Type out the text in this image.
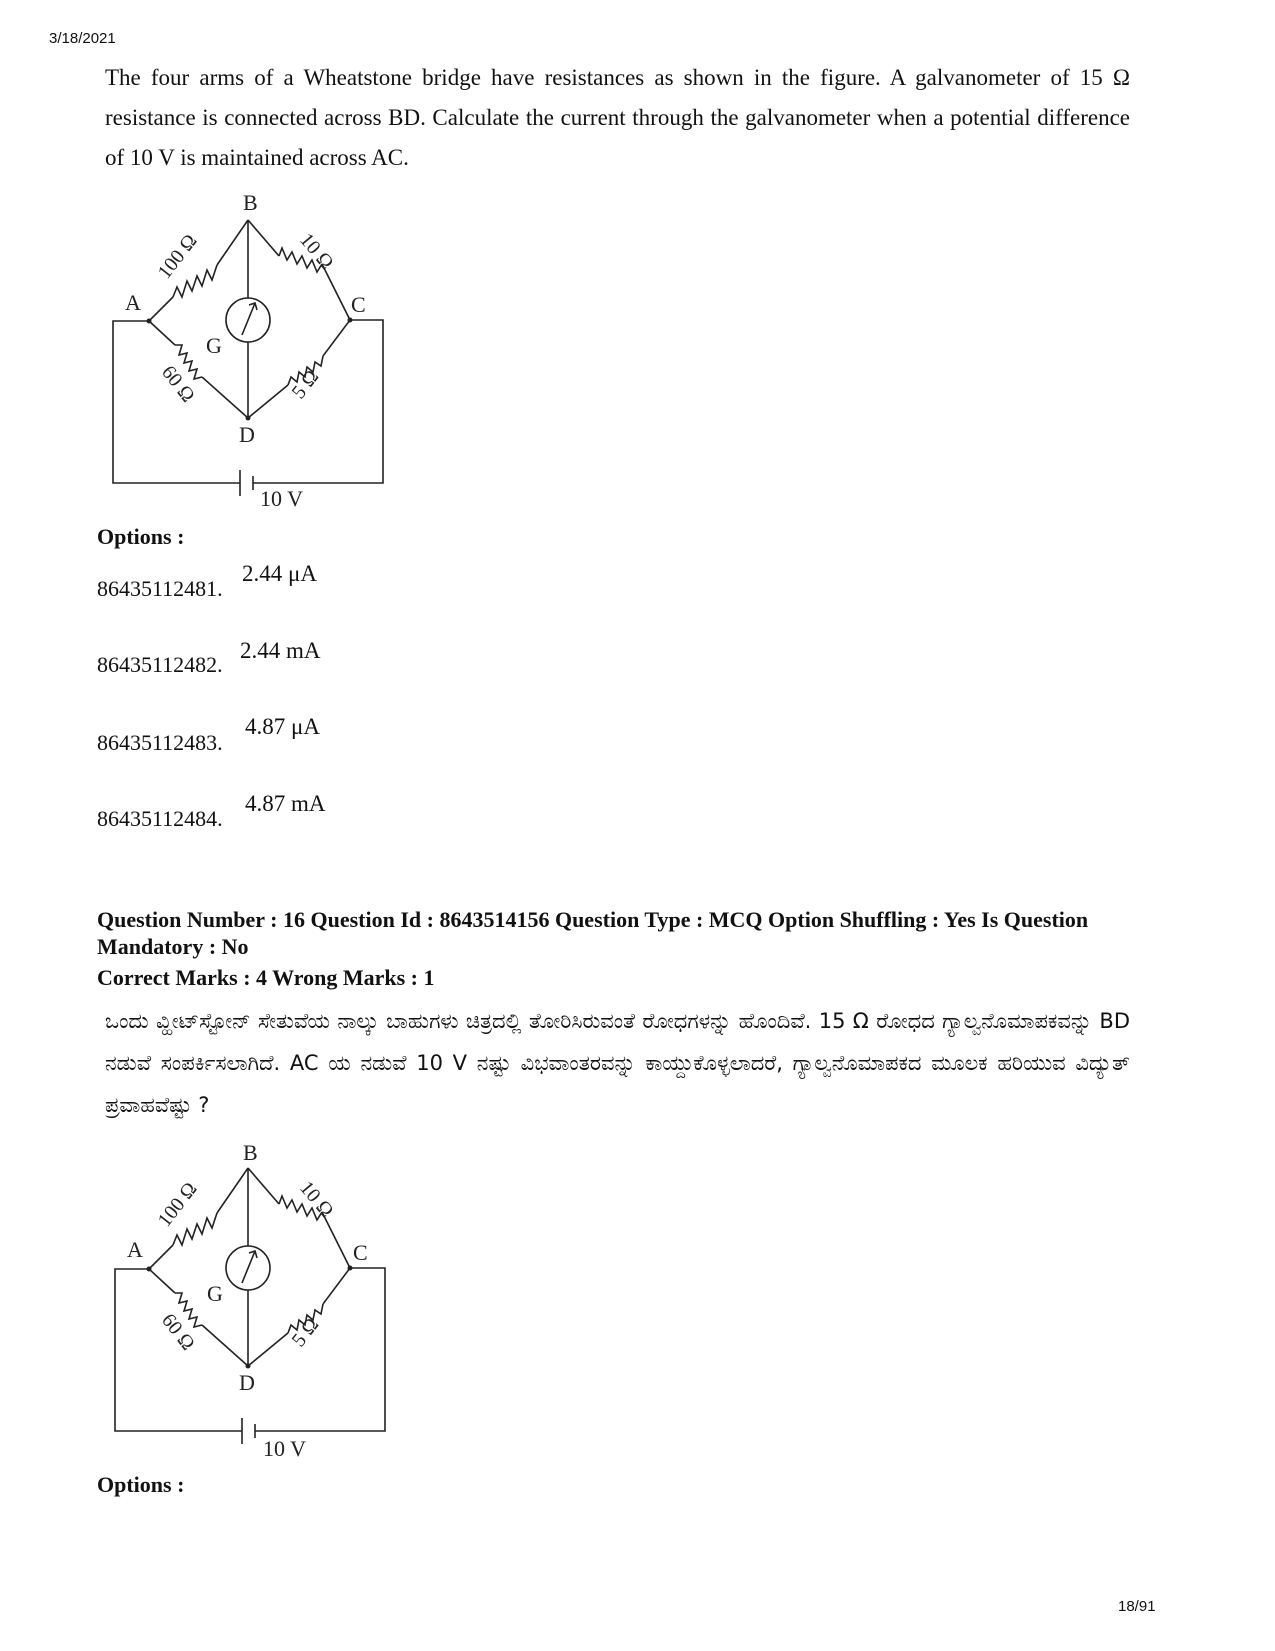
3/18/2021
The four arms of a Wheatstone bridge have resistances as shown in the figure. A galvanometer of 15 Ω resistance is connected across BD. Calculate the current through the galvanometer when a potential difference of 10 V is maintained across AC.
B
A	C
D
G
10 V
100 Ω	10 Ω
60 Ω	5 Ω
Options :
86435112481.
2.44 μA
86435112482.
2.44 mA
86435112483.
4.87 μA
86435112484.
4.87 mA
Question Number : 16 Question Id : 8643514156 Question Type : MCQ Option Shuffling : Yes Is Question Mandatory : No
Correct Marks : 4 Wrong Marks : 1
ಒಂದು ವ್ಹೀಟ್‌ಸ್ಟೋನ್ ಸೇತುವೆಯ ನಾಲ್ಕು ಬಾಹುಗಳು ಚಿತ್ರದಲ್ಲಿ ತೋರಿಸಿರುವಂತೆ ರೋಧಗಳನ್ನು ಹೊಂದಿವೆ. 15 Ω ರೋಧದ ಗ್ಯಾಲ್ವನೊಮಾಪಕವನ್ನು BD ನಡುವೆ ಸಂಪರ್ಕಿಸಲಾಗಿದೆ. AC ಯ ನಡುವೆ 10 V ನಷ್ಟು ವಿಭವಾಂತರವನ್ನು ಕಾಯ್ದುಕೊಳ್ಳಲಾದರೆ, ಗ್ಯಾಲ್ವನೊಮಾಪಕದ ಮೂಲಕ ಹರಿಯುವ ವಿದ್ಯುತ್ ಪ್ರವಾಹವೆಷ್ಟು ?
B
A	C
D
G
10 V
100 Ω	10 Ω
60 Ω	5 Ω
Options :
18/91
